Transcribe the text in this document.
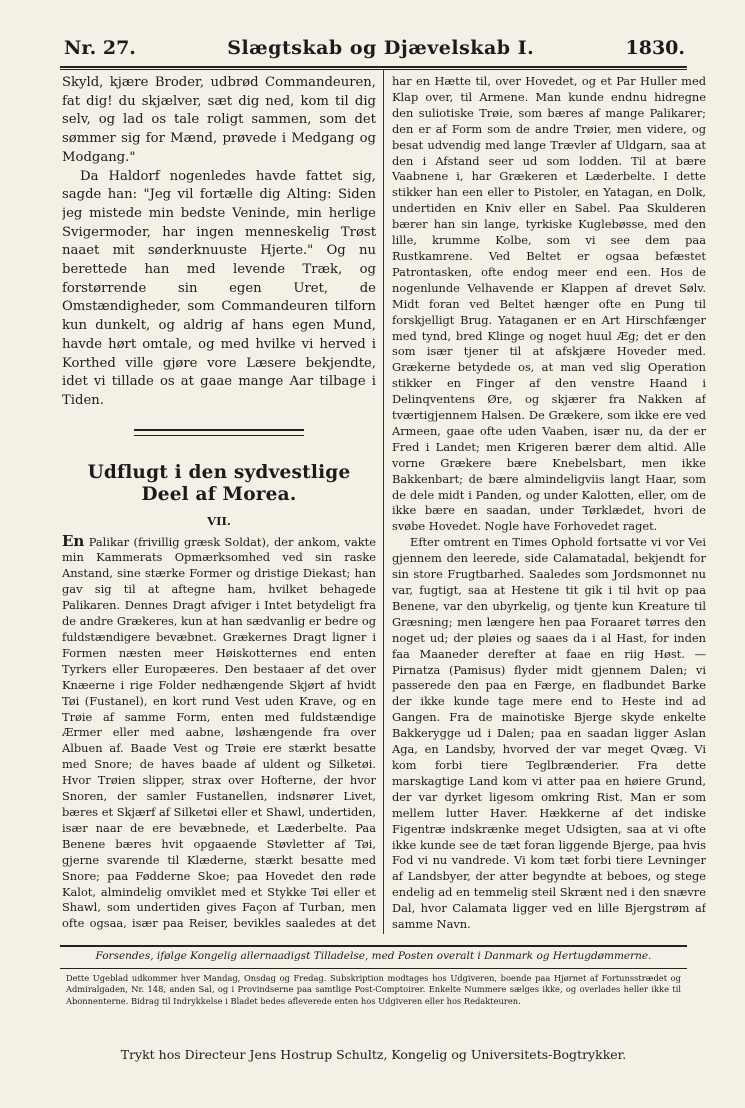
Nr. 27.	Slægtskab og Djævelskab I.	1830.

Skyld, kjære Broder, udbrød Commandeuren, fat dig! du skjælver, sæt dig ned, kom til dig selv, og lad os tale roligt sammen, som det sømmer sig for Mænd, prøvede i Medgang og Modgang."

Da Haldorf nogenledes havde fattet sig, sagde han: "Jeg vil fortælle dig Alting: Siden jeg mistede min bedste Veninde, min herlige Svigermoder, har ingen menneskelig Trøst naaet mit sønderknuuste Hjerte." Og nu berettede han med levende Træk, og forstørrende sin egen Uret, de Omstændigheder, som Commandeuren tilforn kun dunkelt, og aldrig af hans egen Mund, havde hørt omtale, og med hvilke vi herved i Korthed ville gjøre vore Læsere bekjendte, idet vi tillade os at gaae mange Aar tilbage i Tiden.

Udflugt i den sydvestlige Deel af Morea.
VII.

En Palikar (frivillig græsk Soldat), der ankom, vakte min Kammerats Opmærksomhed ved sin raske Anstand, sine stærke Former og dristige Diekast; han gav sig til at aftegne ham, hvilket behagede Palikaren. Dennes Dragt afviger i Intet betydeligt fra de andre Grækeres, kun at han sædvanlig er bedre og fuldstændigere bevæbnet. Grækernes Dragt ligner i Formen næsten meer Høiskotternes end enten Tyrkers eller Europæeres. Den bestaaer af det over Knæerne i rige Folder nedhængende Skjørt af hvidt Tøi (Fustanel), en kort rund Vest uden Krave, og en Trøie af samme Form, enten med fuldstændige Ærmer eller med aabne, løshængende fra over Albuen af. Baade Vest og Trøie ere stærkt besatte med Snore; de haves baade af uldent og Silketøi. Hvor Trøien slipper, strax over Hofterne, der hvor Snoren, der samler Fustanellen, indsnører Livet, bæres et Skjærf af Silketøi eller et Shawl, undertiden, især naar de ere bevæbnede, et Læderbelte. Paa Benene bæres hvit opgaaende Støvletter af Tøi, gjerne svarende til Klæderne, stærkt besatte med Snore; paa Fødderne Skoe; paa Hovedet den røde Kalot, almindelig omviklet med et Stykke Tøi eller et Shawl, som undertiden gives Façon af Turban, men ofte ogsaa, især paa Reiser, bevikles saaledes at det

har en Hætte til, over Hovedet, og et Par Huller med Klap over, til Armene. Man kunde endnu hidregne den suliotiske Trøie, som bæres af mange Palikarer; den er af Form som de andre Trøier, men videre, og besat udvendig med lange Trævler af Uldgarn, saa at den i Afstand seer ud som lodden. Til at bære Vaabnene i, har Grækeren et Læderbelte. I dette stikker han een eller to Pistoler, en Yatagan, en Dolk, undertiden en Kniv eller en Sabel. Paa Skulderen bærer han sin lange, tyrkiske Kuglebøsse, med den lille, krumme Kolbe, som vi see dem paa Rustkamrene. Ved Beltet er ogsaa befæstet Patrontasken, ofte endog meer end een. Hos de nogenlunde Velhavende er Klappen af drevet Sølv. Midt foran ved Beltet hænger ofte en Pung til forskjelligt Brug. Yataganen er en Art Hirschfænger med tynd, bred Klinge og noget huul Æg; det er den som især tjener til at afskjære Hoveder med. Grækerne betydede os, at man ved slig Operation stikker en Finger af den venstre Haand i Delinqventens Øre, og skjærer fra Nakken af tværtigjennem Halsen. De Grækere, som ikke ere ved Armeen, gaae ofte uden Vaaben, især nu, da der er Fred i Landet; men Krigeren bærer dem altid. Alle vorne Grækere bære Knebelsbart, men ikke Bakkenbart; de bære almindeligviis langt Haar, som de dele midt i Panden, og under Kalotten, eller, om de ikke bære en saadan, under Tørklædet, hvori de svøbe Hovedet. Nogle have Forhovedet raget.

Efter omtrent en Times Ophold fortsatte vi vor Vei gjennem den leerede, side Calamatadal, bekjendt for sin store Frugtbarhed. Saaledes som Jordsmonnet nu var, fugtigt, saa at Hestene tit gik i til hvit op paa Benene, var den ubyrkelig, og tjente kun Kreature til Græsning; men længere hen paa Foraaret tørres den noget ud; der pløies og saaes da i al Hast, for inden faa Maaneder derefter at faae en riig Høst. — Pirnatza (Pamisus) flyder midt gjennem Dalen; vi passerede den paa en Færge, en fladbundet Barke der ikke kunde tage mere end to Heste ind ad Gangen. Fra de mainotiske Bjerge skyde enkelte Bakkerygge ud i Dalen; paa en saadan ligger Aslan Aga, en Landsby, hvorved der var meget Qvæg. Vi kom forbi tiere Teglbrænderier. Fra dette marskagtige Land kom vi atter paa en høiere Grund, der var dyrket ligesom omkring Rist. Man er som mellem lutter Haver. Hækkerne af det indiske Figentræ indskrænke meget Udsigten, saa at vi ofte ikke kunde see de tæt foran liggende Bjerge, paa hvis Fod vi nu vandrede. Vi kom tæt forbi tiere Levninger af Landsbyer, der atter begyndte at beboes, og stege endelig ad en temmelig steil Skrænt ned i den snævre Dal, hvor Calamata ligger ved en lille Bjergstrøm af samme Navn.

Forsendes, ifølge Kongelig allernaadigst Tilladelse, med Posten overalt i Danmark og Hertugdømmerne.
Dette Ugeblad udkommer hver Mandag, Onsdag og Fredag. Subskription modtages hos Udgiveren, boende paa Hjørnet af Fortunsstrædet og Admiralgaden, Nr. 148, anden Sal, og i Provindserne paa samtlige Post-Comptoirer. Enkelte Nummere sælges ikke, og overlades heller ikke til Abonnenterne. Bidrag til Indrykkelse i Bladet bedes afleverede enten hos Udgiveren eller hos Redakteuren.
Trykt hos Directeur Jens Hostrup Schultz, Kongelig og Universitets-Bogtrykker.
